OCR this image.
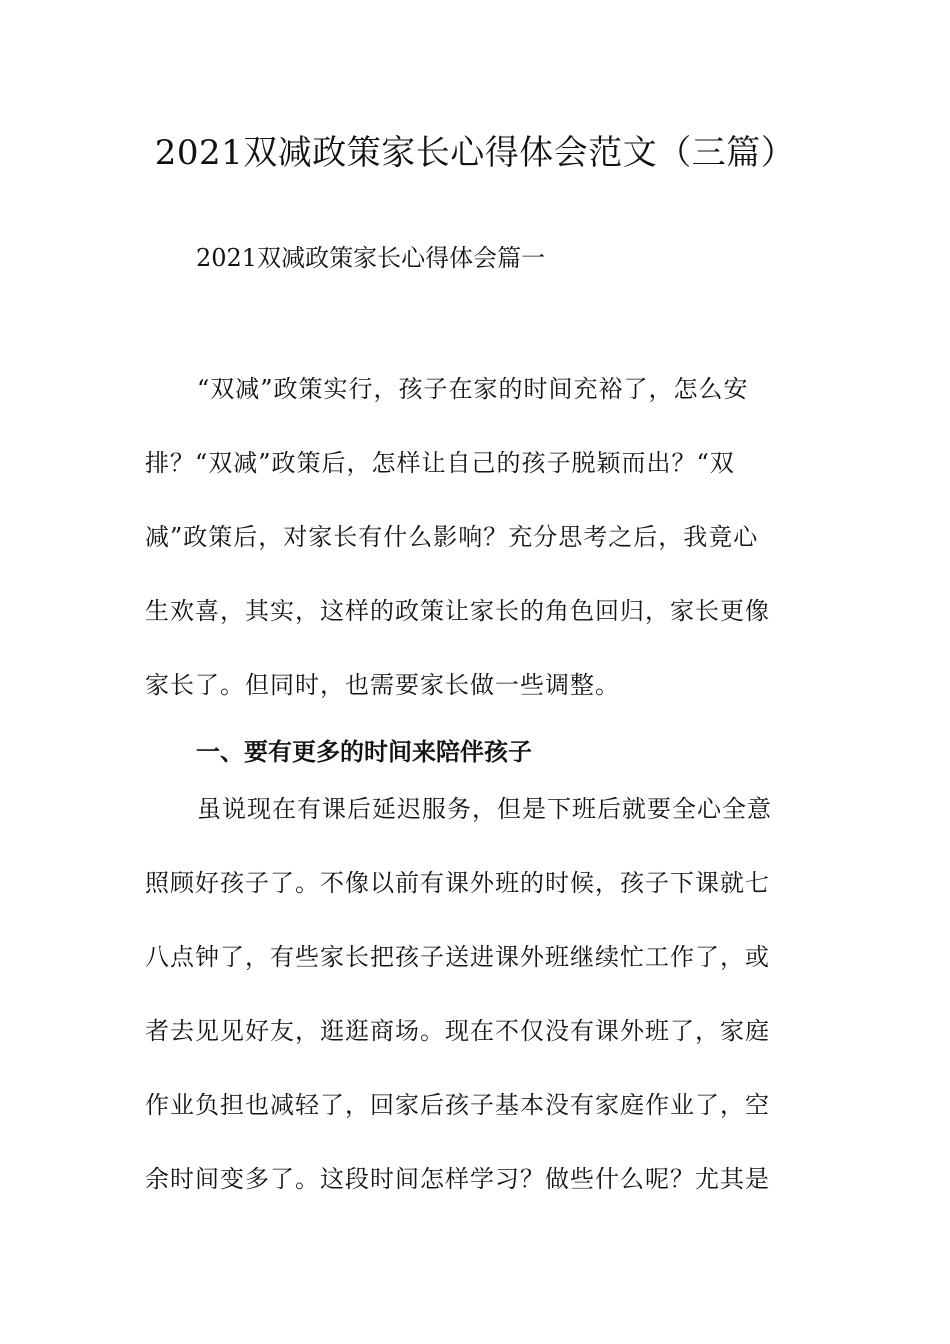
2021双减政策家长心得体会范文（三篇）
2021双减政策家长心得体会篇一
“双减”政策实行，孩子在家的时间充裕了，怎么安
排？“双减”政策后，怎样让自己的孩子脱颖而出？“双
减”政策后，对家长有什么影响？充分思考之后，我竟心
生欢喜，其实，这样的政策让家长的角色回归，家长更像
家长了。但同时，也需要家长做一些调整。
一、要有更多的时间来陪伴孩子
虽说现在有课后延迟服务，但是下班后就要全心全意
照顾好孩子了。不像以前有课外班的时候，孩子下课就七
八点钟了，有些家长把孩子送进课外班继续忙工作了，或
者去见见好友，逛逛商场。现在不仅没有课外班了，家庭
作业负担也减轻了，回家后孩子基本没有家庭作业了，空
余时间变多了。这段时间怎样学习？做些什么呢？尤其是
